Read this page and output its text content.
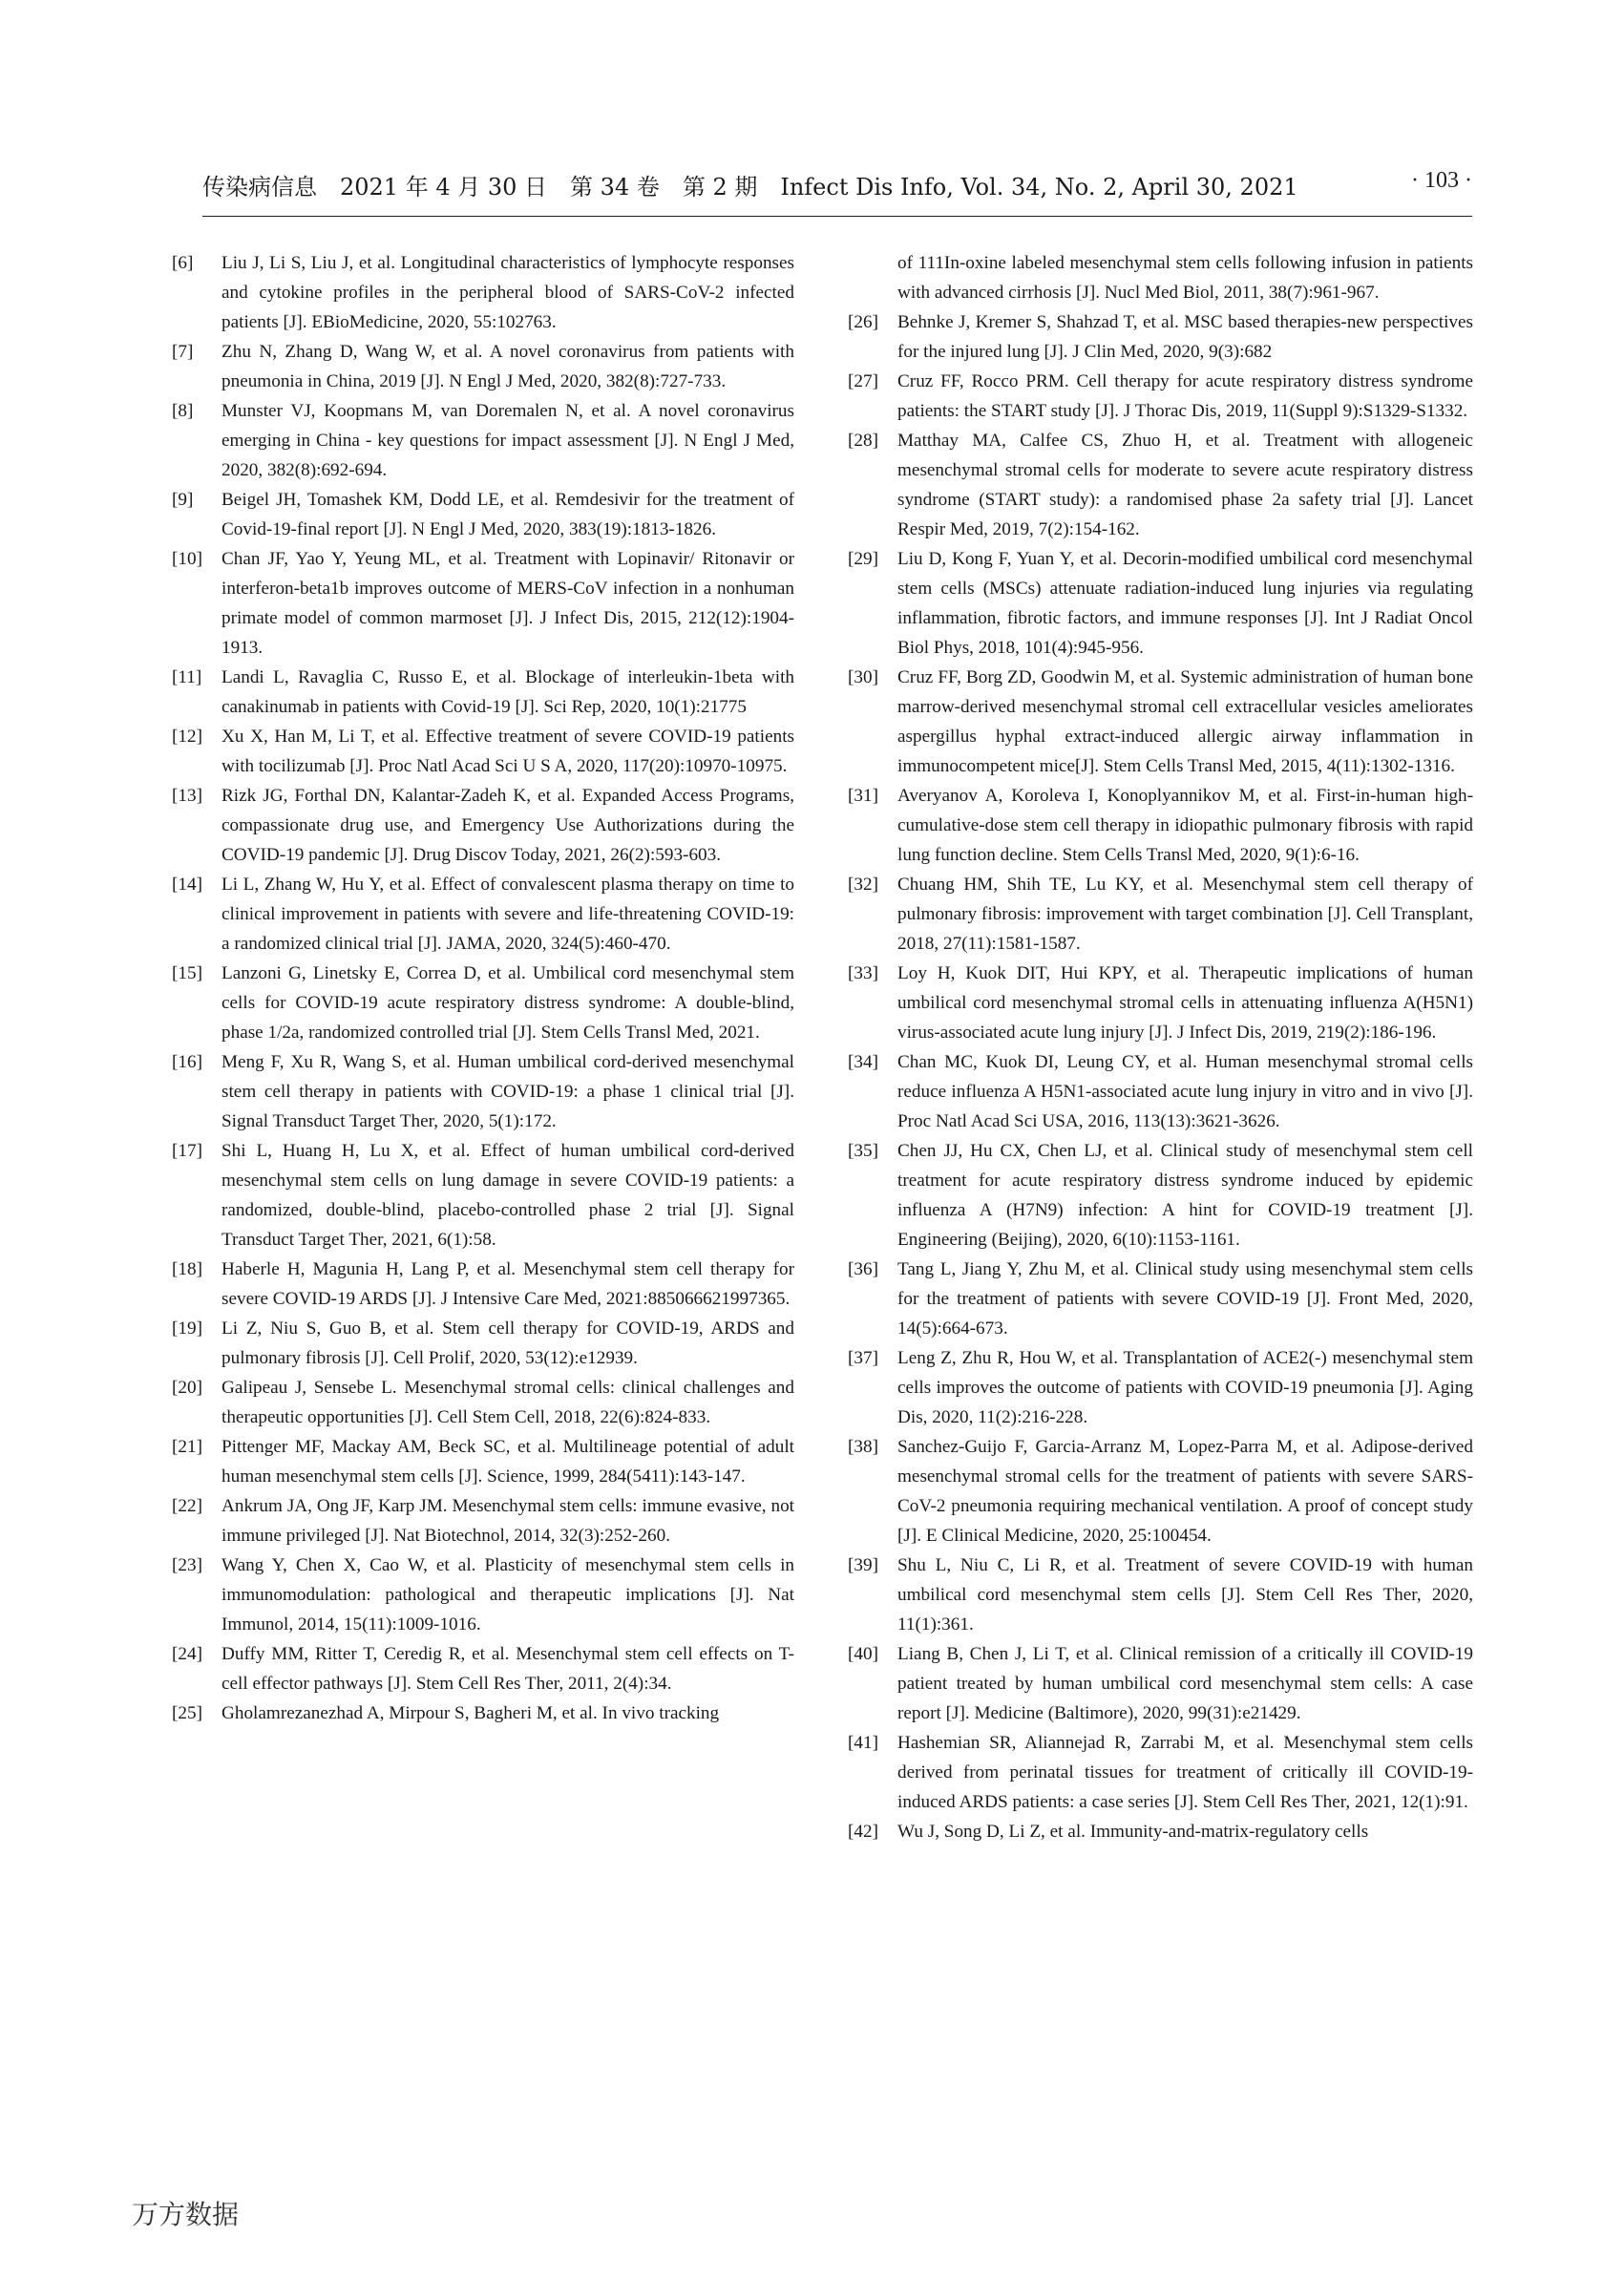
传染病信息　2021 年 4 月 30 日　第 34 卷　第 2 期　Infect Dis Info, Vol. 34, No. 2, April 30, 2021	· 103 ·

[6] Liu J, Li S, Liu J, et al. Longitudinal characteristics of lymphocyte responses and cytokine profiles in the peripheral blood of SARS-CoV-2 infected patients [J]. EBioMedicine, 2020, 55:102763.

[7] Zhu N, Zhang D, Wang W, et al. A novel coronavirus from patients with pneumonia in China, 2019 [J]. N Engl J Med, 2020, 382(8):727-733.

[8] Munster VJ, Koopmans M, van Doremalen N, et al. A novel coronavirus emerging in China - key questions for impact assessment [J]. N Engl J Med, 2020, 382(8):692-694.

[9] Beigel JH, Tomashek KM, Dodd LE, et al. Remdesivir for the treatment of Covid-19-final report [J]. N Engl J Med, 2020, 383(19):1813-1826.

[10] Chan JF, Yao Y, Yeung ML, et al. Treatment with Lopinavir/ Ritonavir or interferon-beta1b improves outcome of MERS-CoV infection in a nonhuman primate model of common marmoset [J]. J Infect Dis, 2015, 212(12):1904-1913.

[11] Landi L, Ravaglia C, Russo E, et al. Blockage of interleukin-1beta with canakinumab in patients with Covid-19 [J]. Sci Rep, 2020, 10(1):21775

[12] Xu X, Han M, Li T, et al. Effective treatment of severe COVID-19 patients with tocilizumab [J]. Proc Natl Acad Sci U S A, 2020, 117(20):10970-10975.

[13] Rizk JG, Forthal DN, Kalantar-Zadeh K, et al. Expanded Access Programs, compassionate drug use, and Emergency Use Authorizations during the COVID-19 pandemic [J]. Drug Discov Today, 2021, 26(2):593-603.

[14] Li L, Zhang W, Hu Y, et al. Effect of convalescent plasma therapy on time to clinical improvement in patients with severe and life-threatening COVID-19: a randomized clinical trial [J]. JAMA, 2020, 324(5):460-470.

[15] Lanzoni G, Linetsky E, Correa D, et al. Umbilical cord mesenchymal stem cells for COVID-19 acute respiratory distress syndrome: A double-blind, phase 1/2a, randomized controlled trial [J]. Stem Cells Transl Med, 2021.

[16] Meng F, Xu R, Wang S, et al. Human umbilical cord-derived mesenchymal stem cell therapy in patients with COVID-19: a phase 1 clinical trial [J]. Signal Transduct Target Ther, 2020, 5(1):172.

[17] Shi L, Huang H, Lu X, et al. Effect of human umbilical cord-derived mesenchymal stem cells on lung damage in severe COVID-19 patients: a randomized, double-blind, placebo-controlled phase 2 trial [J]. Signal Transduct Target Ther, 2021, 6(1):58.

[18] Haberle H, Magunia H, Lang P, et al. Mesenchymal stem cell therapy for severe COVID-19 ARDS [J]. J Intensive Care Med, 2021:885066621997365.

[19] Li Z, Niu S, Guo B, et al. Stem cell therapy for COVID-19, ARDS and pulmonary fibrosis [J]. Cell Prolif, 2020, 53(12):e12939.

[20] Galipeau J, Sensebe L. Mesenchymal stromal cells: clinical challenges and therapeutic opportunities [J]. Cell Stem Cell, 2018, 22(6):824-833.

[21] Pittenger MF, Mackay AM, Beck SC, et al. Multilineage potential of adult human mesenchymal stem cells [J]. Science, 1999, 284(5411):143-147.

[22] Ankrum JA, Ong JF, Karp JM. Mesenchymal stem cells: immune evasive, not immune privileged [J]. Nat Biotechnol, 2014, 32(3):252-260.

[23] Wang Y, Chen X, Cao W, et al. Plasticity of mesenchymal stem cells in immunomodulation: pathological and therapeutic implications [J]. Nat Immunol, 2014, 15(11):1009-1016.

[24] Duffy MM, Ritter T, Ceredig R, et al. Mesenchymal stem cell effects on T-cell effector pathways [J]. Stem Cell Res Ther, 2011, 2(4):34.

[25] Gholamrezanezhad A, Mirpour S, Bagheri M, et al. In vivo tracking

of 111In-oxine labeled mesenchymal stem cells following infusion in patients with advanced cirrhosis [J]. Nucl Med Biol, 2011, 38(7):961-967.

[26] Behnke J, Kremer S, Shahzad T, et al. MSC based therapies-new perspectives for the injured lung [J]. J Clin Med, 2020, 9(3):682

[27] Cruz FF, Rocco PRM. Cell therapy for acute respiratory distress syndrome patients: the START study [J]. J Thorac Dis, 2019, 11(Suppl 9):S1329-S1332.

[28] Matthay MA, Calfee CS, Zhuo H, et al. Treatment with allogeneic mesenchymal stromal cells for moderate to severe acute respiratory distress syndrome (START study): a randomised phase 2a safety trial [J]. Lancet Respir Med, 2019, 7(2):154-162.

[29] Liu D, Kong F, Yuan Y, et al. Decorin-modified umbilical cord mesenchymal stem cells (MSCs) attenuate radiation-induced lung injuries via regulating inflammation, fibrotic factors, and immune responses [J]. Int J Radiat Oncol Biol Phys, 2018, 101(4):945-956.

[30] Cruz FF, Borg ZD, Goodwin M, et al. Systemic administration of human bone marrow-derived mesenchymal stromal cell extracellular vesicles ameliorates aspergillus hyphal extract-induced allergic airway inflammation in immunocompetent mice[J]. Stem Cells Transl Med, 2015, 4(11):1302-1316.

[31] Averyanov A, Koroleva I, Konoplyannikov M, et al. First-in-human high-cumulative-dose stem cell therapy in idiopathic pulmonary fibrosis with rapid lung function decline. Stem Cells Transl Med, 2020, 9(1):6-16.

[32] Chuang HM, Shih TE, Lu KY, et al. Mesenchymal stem cell therapy of pulmonary fibrosis: improvement with target combination [J]. Cell Transplant, 2018, 27(11):1581-1587.

[33] Loy H, Kuok DIT, Hui KPY, et al. Therapeutic implications of human umbilical cord mesenchymal stromal cells in attenuating influenza A(H5N1) virus-associated acute lung injury [J]. J Infect Dis, 2019, 219(2):186-196.

[34] Chan MC, Kuok DI, Leung CY, et al. Human mesenchymal stromal cells reduce influenza A H5N1-associated acute lung injury in vitro and in vivo [J]. Proc Natl Acad Sci USA, 2016, 113(13):3621-3626.

[35] Chen JJ, Hu CX, Chen LJ, et al. Clinical study of mesenchymal stem cell treatment for acute respiratory distress syndrome induced by epidemic influenza A (H7N9) infection: A hint for COVID-19 treatment [J]. Engineering (Beijing), 2020, 6(10):1153-1161.

[36] Tang L, Jiang Y, Zhu M, et al. Clinical study using mesenchymal stem cells for the treatment of patients with severe COVID-19 [J]. Front Med, 2020, 14(5):664-673.

[37] Leng Z, Zhu R, Hou W, et al. Transplantation of ACE2(-) mesenchymal stem cells improves the outcome of patients with COVID-19 pneumonia [J]. Aging Dis, 2020, 11(2):216-228.

[38] Sanchez-Guijo F, Garcia-Arranz M, Lopez-Parra M, et al. Adipose-derived mesenchymal stromal cells for the treatment of patients with severe SARS-CoV-2 pneumonia requiring mechanical ventilation. A proof of concept study [J]. E Clinical Medicine, 2020, 25:100454.

[39] Shu L, Niu C, Li R, et al. Treatment of severe COVID-19 with human umbilical cord mesenchymal stem cells [J]. Stem Cell Res Ther, 2020, 11(1):361.

[40] Liang B, Chen J, Li T, et al. Clinical remission of a critically ill COVID-19 patient treated by human umbilical cord mesenchymal stem cells: A case report [J]. Medicine (Baltimore), 2020, 99(31):e21429.

[41] Hashemian SR, Aliannejad R, Zarrabi M, et al. Mesenchymal stem cells derived from perinatal tissues for treatment of critically ill COVID-19-induced ARDS patients: a case series [J]. Stem Cell Res Ther, 2021, 12(1):91.

[42] Wu J, Song D, Li Z, et al. Immunity-and-matrix-regulatory cells

万方数据
